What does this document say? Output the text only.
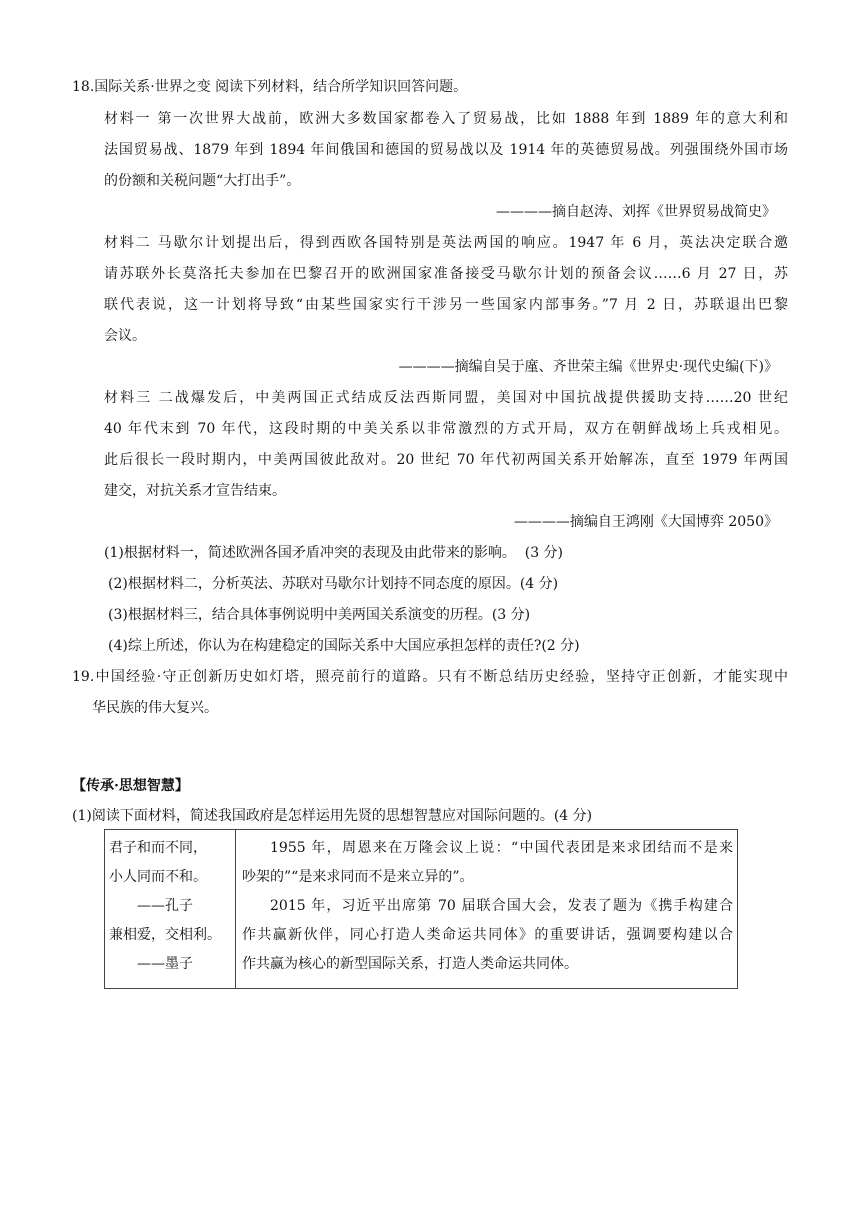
18.国际关系·世界之变 阅读下列材料，结合所学知识回答问题。
材料一 第一次世界大战前，欧洲大多数国家都卷入了贸易战，比如 1888 年到 1889 年的意大利和
法国贸易战、1879 年到 1894 年间俄国和德国的贸易战以及 1914 年的英德贸易战。列强围绕外国市场
的份额和关税问题“大打出手”。
————摘自赵涛、刘挥《世界贸易战简史》
材料二 马歇尔计划提出后，得到西欧各国特别是英法两国的响应。1947 年 6 月，英法决定联合邀
请苏联外长莫洛托夫参加在巴黎召开的欧洲国家准备接受马歇尔计划的预备会议……6 月 27 日，苏
联代表说，这一计划将导致“由某些国家实行干涉另一些国家内部事务。”7 月 2 日，苏联退出巴黎
会议。
————摘编自吴于廑、齐世荣主编《世界史·现代史编(下)》
材料三 二战爆发后，中美两国正式结成反法西斯同盟，美国对中国抗战提供援助支持……20 世纪
40 年代末到 70 年代，这段时期的中美关系以非常激烈的方式开局，双方在朝鲜战场上兵戎相见。
此后很长一段时期内，中美两国彼此敌对。20 世纪 70 年代初两国关系开始解冻，直至 1979 年两国
建交，对抗关系才宣告结束。
————摘编自王鸿刚《大国博弈 2050》
(1)根据材料一，简述欧洲各国矛盾冲突的表现及由此带来的影响。  (3 分)
(2)根据材料二，分析英法、苏联对马歇尔计划持不同态度的原因。(4 分)
(3)根据材料三，结合具体事例说明中美两国关系演变的历程。(3 分)
(4)综上所述，你认为在构建稳定的国际关系中大国应承担怎样的责任?(2 分)
19.中国经验·守正创新历史如灯塔，照亮前行的道路。只有不断总结历史经验，坚持守正创新，才能实现中
华民族的伟大复兴。
【传承·思想智慧】
(1)阅读下面材料，简述我国政府是怎样运用先贤的思想智慧应对国际问题的。(4 分)
君子和而不同，
小人同而不和。
——孔子
兼相爱，交相利。
——墨子

1955 年，周恩来在万隆会议上说：“中国代表团是来求团结而不是来
吵架的”“是来求同而不是来立异的”。
2015 年，习近平出席第 70 届联合国大会，发表了题为《携手构建合
作共赢新伙伴，同心打造人类命运共同体》的重要讲话，强调要构建以合
作共赢为核心的新型国际关系，打造人类命运共同体。
